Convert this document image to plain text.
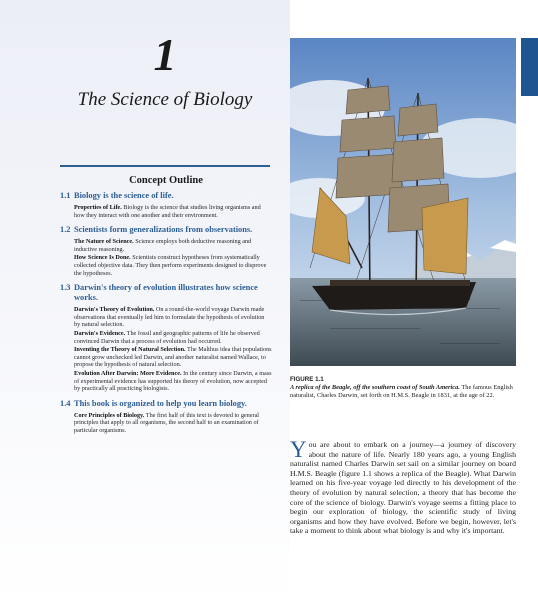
1
The Science of Biology
Concept Outline
1.1 Biology is the science of life.
Properties of Life. Biology is the science that studies living organisms and how they interact with one another and their environment.
1.2 Scientists form generalizations from observations.
The Nature of Science. Science employs both deductive reasoning and inductive reasoning.
How Science Is Done. Scientists construct hypotheses from systematically collected objective data. They then perform experiments designed to disprove the hypotheses.
1.3 Darwin's theory of evolution illustrates how science works.
Darwin's Theory of Evolution. On a round-the-world voyage Darwin made observations that eventually led him to formulate the hypothesis of evolution by natural selection.
Darwin's Evidence. The fossil and geographic patterns of life he observed convinced Darwin that a process of evolution had occurred.
Inventing the Theory of Natural Selection. The Malthus idea that populations cannot grow unchecked led Darwin, and another naturalist named Wallace, to propose the hypothesis of natural selection.
Evolution After Darwin: More Evidence. In the century since Darwin, a mass of experimental evidence has supported his theory of evolution, now accepted by practically all practicing biologists.
1.4 This book is organized to help you learn biology.
Core Principles of Biology. The first half of this text is devoted to general principles that apply to all organisms, the second half to an examination of particular organisms.
FIGURE 1.1
A replica of the Beagle, off the southern coast of South America. The famous English naturalist, Charles Darwin, set forth on H.M.S. Beagle in 1831, at the age of 22.
You are about to embark on a journey—a journey of discovery about the nature of life. Nearly 180 years ago, a young English naturalist named Charles Darwin set sail on a similar journey on board H.M.S. Beagle (figure 1.1 shows a replica of the Beagle). What Darwin learned on his five-year voyage led directly to his development of the theory of evolution by natural selection, a theory that has become the core of the science of biology. Darwin's voyage seems a fitting place to begin our exploration of biology, the scientific study of living organisms and how they have evolved. Before we begin, however, let's take a moment to think about what biology is and why it's important.
